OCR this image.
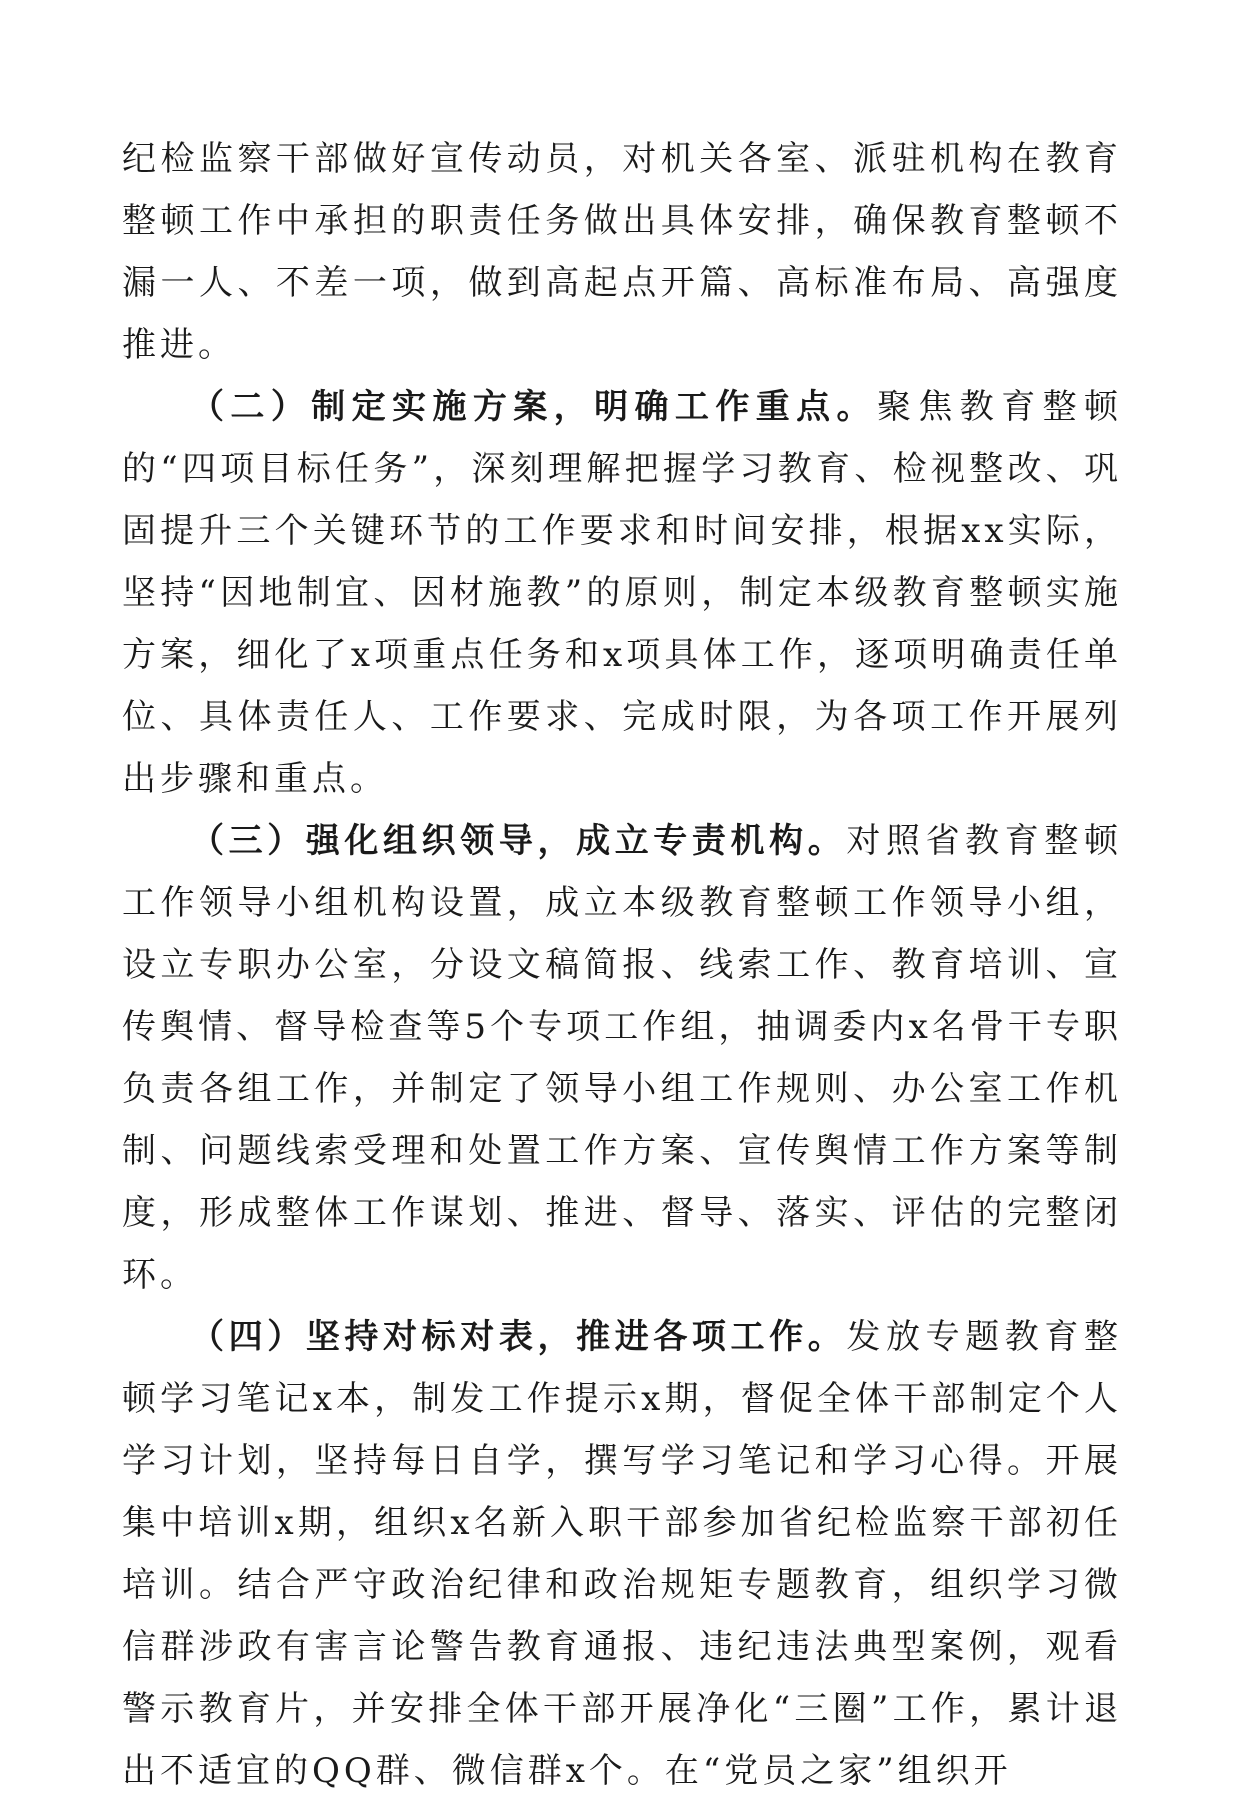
纪检监察干部做好宣传动员，对机关各室、派驻机构在教育整顿工作中承担的职责任务做出具体安排，确保教育整顿不漏一人、不差一项，做到高起点开篇、高标准布局、高强度推进。

（二）制定实施方案，明确工作重点。聚焦教育整顿的“四项目标任务”，深刻理解把握学习教育、检视整改、巩固提升三个关键环节的工作要求和时间安排，根据xx实际，坚持“因地制宜、因材施教”的原则，制定本级教育整顿实施方案，细化了x项重点任务和x项具体工作，逐项明确责任单位、具体责任人、工作要求、完成时限，为各项工作开展列出步骤和重点。

（三）强化组织领导，成立专责机构。对照省教育整顿工作领导小组机构设置，成立本级教育整顿工作领导小组，设立专职办公室，分设文稿简报、线索工作、教育培训、宣传舆情、督导检查等5个专项工作组，抽调委内x名骨干专职负责各组工作，并制定了领导小组工作规则、办公室工作机制、问题线索受理和处置工作方案、宣传舆情工作方案等制度，形成整体工作谋划、推进、督导、落实、评估的完整闭环。

（四）坚持对标对表，推进各项工作。发放专题教育整顿学习笔记x本，制发工作提示x期，督促全体干部制定个人学习计划，坚持每日自学，撰写学习笔记和学习心得。开展集中培训x期，组织x名新入职干部参加省纪检监察干部初任培训。结合严守政治纪律和政治规矩专题教育，组织学习微信群涉政有害言论警告教育通报、违纪违法典型案例，观看警示教育片，并安排全体干部开展净化“三圈”工作，累计退出不适宜的QQ群、微信群x个。在“党员之家”组织开
